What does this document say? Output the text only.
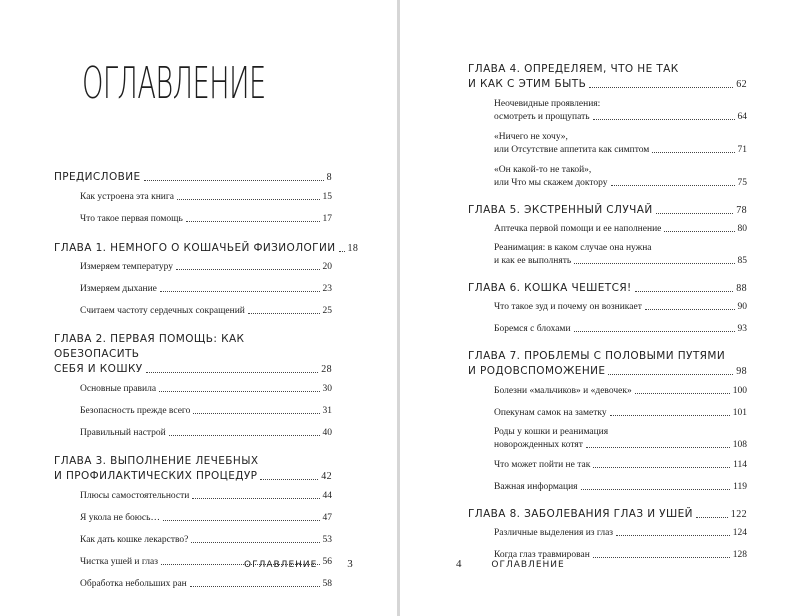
ОГЛАВЛЕНИЕ
ПРЕДИСЛОВИЕ	8
Как устроена эта книга	15
Что такое первая помощь	17
ГЛАВА 1. НЕМНОГО О КОШАЧЬЕЙ ФИЗИОЛОГИИ 18
Измеряем температуру	20
Измеряем дыхание	23
Считаем частоту сердечных сокращений	25
ГЛАВА 2. ПЕРВАЯ ПОМОЩЬ: КАК ОБЕЗОПАСИТЬ
СЕБЯ И КОШКУ	28
Основные правила	30
Безопасность прежде всего	31
Правильный настрой	40
ГЛАВА 3. ВЫПОЛНЕНИЕ ЛЕЧЕБНЫХ
И ПРОФИЛАКТИЧЕСКИХ ПРОЦЕДУР	42
Плюсы самостоятельности	44
Я укола не боюсь…	47
Как дать кошке лекарство?	53
Чистка ушей и глаз	56
Обработка небольших ран	58
ОГЛАВЛЕНИЕ	3
ГЛАВА 4. ОПРЕДЕЛЯЕМ, ЧТО НЕ ТАК
И КАК С ЭТИМ БЫТЬ	62
Неочевидные проявления:
осмотреть и прощупать	64
«Ничего не хочу»,
или Отсутствие аппетита как симптом	71
«Он какой-то не такой»,
или Что мы скажем доктору	75
ГЛАВА 5. ЭКСТРЕННЫЙ СЛУЧАЙ	78
Аптечка первой помощи и ее наполнение	80
Реанимация: в каком случае она нужна
и как ее выполнять	85
ГЛАВА 6. КОШКА ЧЕШЕТСЯ!	88
Что такое зуд и почему он возникает	90
Боремся с блохами	93
ГЛАВА 7. ПРОБЛЕМЫ С ПОЛОВЫМИ ПУТЯМИ
И РОДОВСПОМОЖЕНИЕ	98
Болезни «мальчиков» и «девочек»	100
Опекунам самок на заметку	101
Роды у кошки и реанимация
новорожденных котят	108
Что может пойти не так	114
Важная информация	119
ГЛАВА 8. ЗАБОЛЕВАНИЯ ГЛАЗ И УШЕЙ	122
Различные выделения из глаз	124
Когда глаз травмирован	128
4	ОГЛАВЛЕНИЕ
